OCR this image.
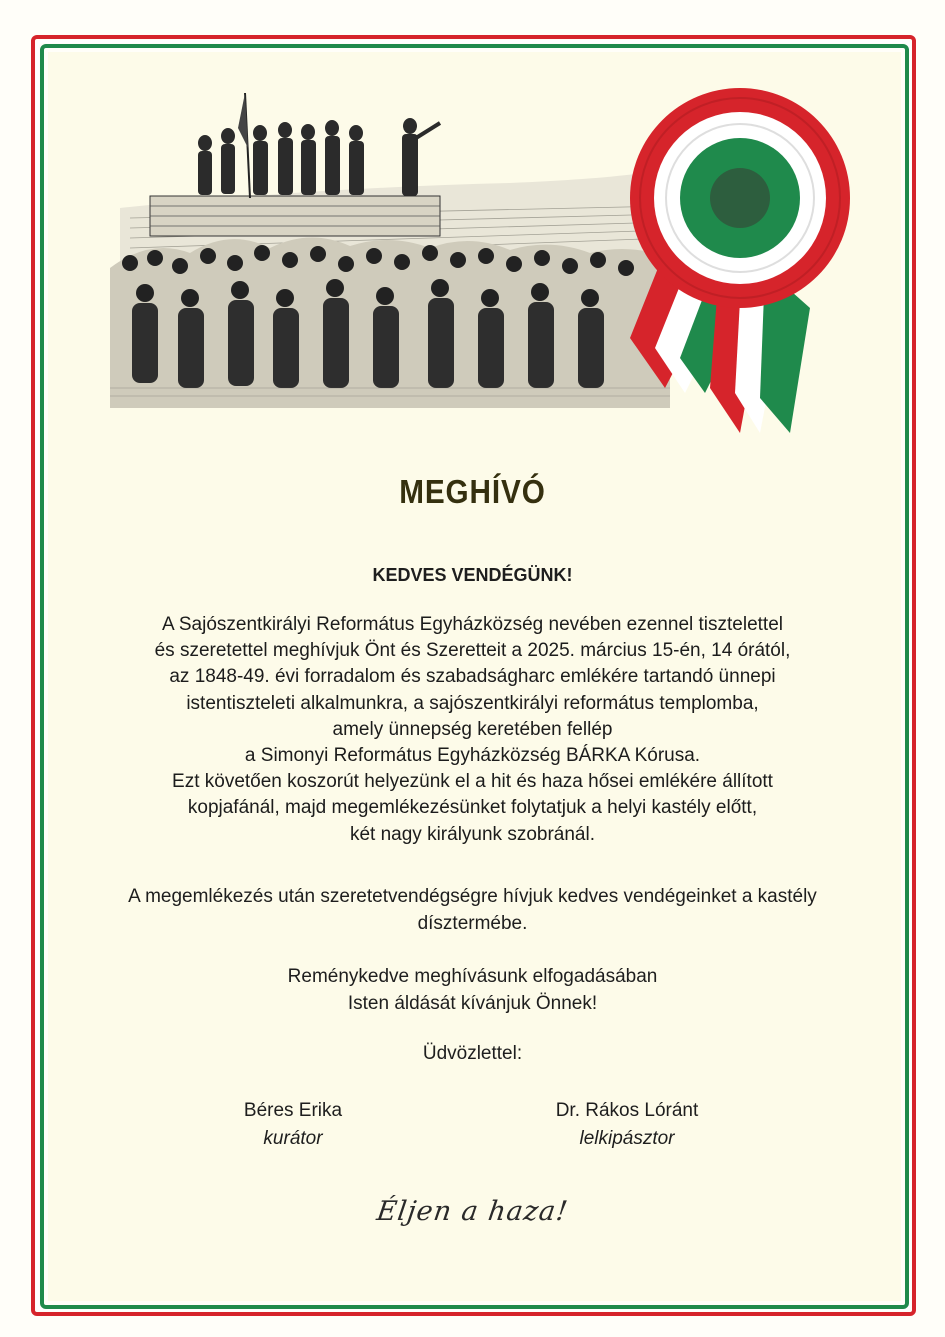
MEGHÍVÓ
KEDVES VENDÉGÜNK!
A Sajószentkirályi Református Egyházközség nevében ezennel tisztelettel
és szeretettel meghívjuk Önt és Szeretteit a 2025. március 15-én, 14 órától,
az 1848-49. évi forradalom és szabadságharc emlékére tartandó ünnepi
istentiszteleti alkalmunkra, a sajószentkirályi református templomba,
amely ünnepség keretében fellép
a Simonyi Református Egyházközség BÁRKA Kórusa.
Ezt követően koszorút helyezünk el a hit és haza hősei emlékére állított
kopjafánál, majd megemlékezésünket folytatjuk a helyi kastély előtt,
két nagy királyunk szobránál.
A megemlékezés után szeretetvendégségre hívjuk kedves vendégeinket a kastély
dísztermébe.
Reménykedve meghívásunk elfogadásában
Isten áldását kívánjuk Önnek!
Üdvözlettel:
Béres Erika
kurátor
Dr. Rákos Lóránt
lelkipásztor
Éljen a haza!
